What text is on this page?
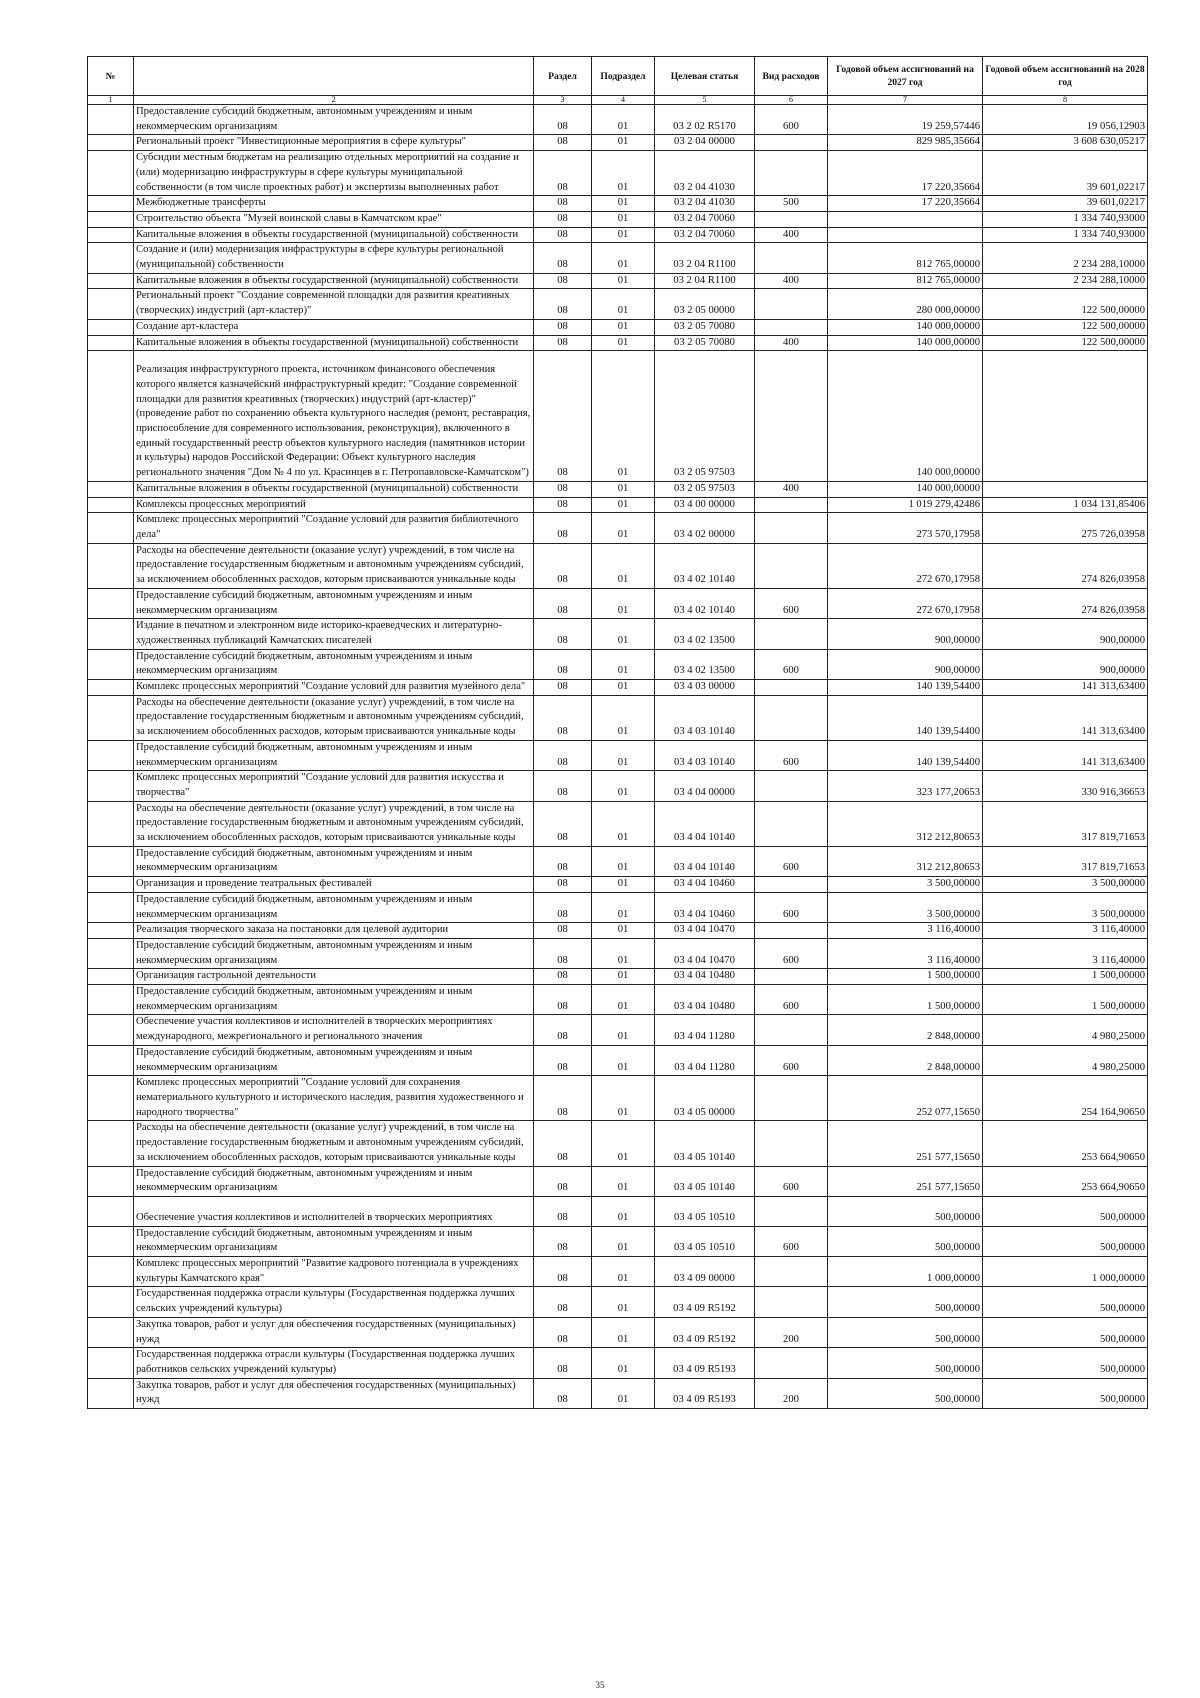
№		Раздел	Подраздел	Целевая статья	Вид расходов	Годовой объем ассигнований на 2027 год	Годовой объем ассигнований на 2028 год
1	2	3	4	5	6	7	8
	Предоставление субсидий бюджетным, автономным учреждениям и иным некоммерческим организациям	08	01	03 2 02 R5170	600	19 259,57446	19 056,12903
	Региональный проект "Инвестиционные мероприятия в сфере культуры"	08	01	03 2 04 00000		829 985,35664	3 608 630,05217
	Субсидии местным бюджетам на реализацию отдельных мероприятий на создание и (или) модернизацию инфраструктуры в сфере культуры муниципальной собственности (в том числе проектных работ) и экспертизы выполненных работ	08	01	03 2 04 41030		17 220,35664	39 601,02217
	Межбюджетные трансферты	08	01	03 2 04 41030	500	17 220,35664	39 601,02217
	Строительство объекта "Музей воинской славы в Камчатском крае"	08	01	03 2 04 70060			1 334 740,93000
	Капитальные вложения в объекты государственной (муниципальной) собственности	08	01	03 2 04 70060	400		1 334 740,93000
	Создание и (или) модернизация инфраструктуры в сфере культуры региональной (муниципальной) собственности	08	01	03 2 04 R1100		812 765,00000	2 234 288,10000
	Капитальные вложения в объекты государственной (муниципальной) собственности	08	01	03 2 04 R1100	400	812 765,00000	2 234 288,10000
	Региональный проект "Создание современной площадки для развития креативных (творческих) индустрий (арт-кластер)"	08	01	03 2 05 00000		280 000,00000	122 500,00000
	Создание арт-кластера	08	01	03 2 05 70080		140 000,00000	122 500,00000
	Капитальные вложения в объекты государственной (муниципальной) собственности	08	01	03 2 05 70080	400	140 000,00000	122 500,00000
	Реализация инфраструктурного проекта, источником финансового обеспечения которого является казначейский инфраструктурный кредит: "Создание современной площадки для развития креативных (творческих) индустрий (арт-кластер)" (проведение работ по сохранению объекта культурного наследия (ремонт, реставрация, приспособление для современного использования, реконструкция), включенного в единый государственный реестр объектов культурного наследия (памятников истории и культуры) народов Российской Федерации: Объект культурного наследия регионального значения "Дом № 4 по ул. Красинцев в г. Петропавловске-Камчатском")	08	01	03 2 05 97503		140 000,00000	
	Капитальные вложения в объекты государственной (муниципальной) собственности	08	01	03 2 05 97503	400	140 000,00000	
	Комплексы процессных мероприятий	08	01	03 4 00 00000		1 019 279,42486	1 034 131,85406
	Комплекс процессных мероприятий "Создание условий для развития библиотечного дела"	08	01	03 4 02 00000		273 570,17958	275 726,03958
	Расходы на обеспечение деятельности (оказание услуг) учреждений, в том числе на предоставление государственным бюджетным и автономным учреждениям субсидий, за исключением обособленных расходов, которым присваиваются уникальные коды	08	01	03 4 02 10140		272 670,17958	274 826,03958
	Предоставление субсидий бюджетным, автономным учреждениям и иным некоммерческим организациям	08	01	03 4 02 10140	600	272 670,17958	274 826,03958
	Издание в печатном и электронном виде историко-краеведческих и литературно-художественных публикаций Камчатских писателей	08	01	03 4 02 13500		900,00000	900,00000
	Предоставление субсидий бюджетным, автономным учреждениям и иным некоммерческим организациям	08	01	03 4 02 13500	600	900,00000	900,00000
	Комплекс процессных мероприятий "Создание условий для развития музейного дела"	08	01	03 4 03 00000		140 139,54400	141 313,63400
	Расходы на обеспечение деятельности (оказание услуг) учреждений, в том числе на предоставление государственным бюджетным и автономным учреждениям субсидий, за исключением обособленных расходов, которым присваиваются уникальные коды	08	01	03 4 03 10140		140 139,54400	141 313,63400
	Предоставление субсидий бюджетным, автономным учреждениям и иным некоммерческим организациям	08	01	03 4 03 10140	600	140 139,54400	141 313,63400
	Комплекс процессных мероприятий "Создание условий для развития искусства и творчества"	08	01	03 4 04 00000		323 177,20653	330 916,36653
	Расходы на обеспечение деятельности (оказание услуг) учреждений, в том числе на предоставление государственным бюджетным и автономным учреждениям субсидий, за исключением обособленных расходов, которым присваиваются уникальные коды	08	01	03 4 04 10140		312 212,80653	317 819,71653
	Предоставление субсидий бюджетным, автономным учреждениям и иным некоммерческим организациям	08	01	03 4 04 10140	600	312 212,80653	317 819,71653
	Организация и проведение театральных фестивалей	08	01	03 4 04 10460		3 500,00000	3 500,00000
	Предоставление субсидий бюджетным, автономным учреждениям и иным некоммерческим организациям	08	01	03 4 04 10460	600	3 500,00000	3 500,00000
	Реализация творческого заказа на постановки для целевой аудитории	08	01	03 4 04 10470		3 116,40000	3 116,40000
	Предоставление субсидий бюджетным, автономным учреждениям и иным некоммерческим организациям	08	01	03 4 04 10470	600	3 116,40000	3 116,40000
	Организация гастрольной деятельности	08	01	03 4 04 10480		1 500,00000	1 500,00000
	Предоставление субсидий бюджетным, автономным учреждениям и иным некоммерческим организациям	08	01	03 4 04 10480	600	1 500,00000	1 500,00000
	Обеспечение участия коллективов и исполнителей в творческих мероприятиях международного, межрегионального и регионального значения	08	01	03 4 04 11280		2 848,00000	4 980,25000
	Предоставление субсидий бюджетным, автономным учреждениям и иным некоммерческим организациям	08	01	03 4 04 11280	600	2 848,00000	4 980,25000
	Комплекс процессных мероприятий "Создание условий для сохранения нематериального культурного и исторического наследия, развития художественного и народного творчества"	08	01	03 4 05 00000		252 077,15650	254 164,90650
	Расходы на обеспечение деятельности (оказание услуг) учреждений, в том числе на предоставление государственным бюджетным и автономным учреждениям субсидий, за исключением обособленных расходов, которым присваиваются уникальные коды	08	01	03 4 05 10140		251 577,15650	253 664,90650
	Предоставление субсидий бюджетным, автономным учреждениям и иным некоммерческим организациям	08	01	03 4 05 10140	600	251 577,15650	253 664,90650
	Обеспечение участия коллективов и исполнителей в творческих мероприятиях	08	01	03 4 05 10510		500,00000	500,00000
	Предоставление субсидий бюджетным, автономным учреждениям и иным некоммерческим организациям	08	01	03 4 05 10510	600	500,00000	500,00000
	Комплекс процессных мероприятий "Развитие кадрового потенциала в учреждениях культуры Камчатского края"	08	01	03 4 09 00000		1 000,00000	1 000,00000
	Государственная поддержка отрасли культуры (Государственная поддержка лучших сельских учреждений культуры)	08	01	03 4 09 R5192		500,00000	500,00000
	Закупка товаров, работ и услуг для обеспечения государственных (муниципальных) нужд	08	01	03 4 09 R5192	200	500,00000	500,00000
	Государственная поддержка отрасли культуры (Государственная поддержка лучших работников сельских учреждений культуры)	08	01	03 4 09 R5193		500,00000	500,00000
	Закупка товаров, работ и услуг для обеспечения государственных (муниципальных) нужд	08	01	03 4 09 R5193	200	500,00000	500,00000
35
